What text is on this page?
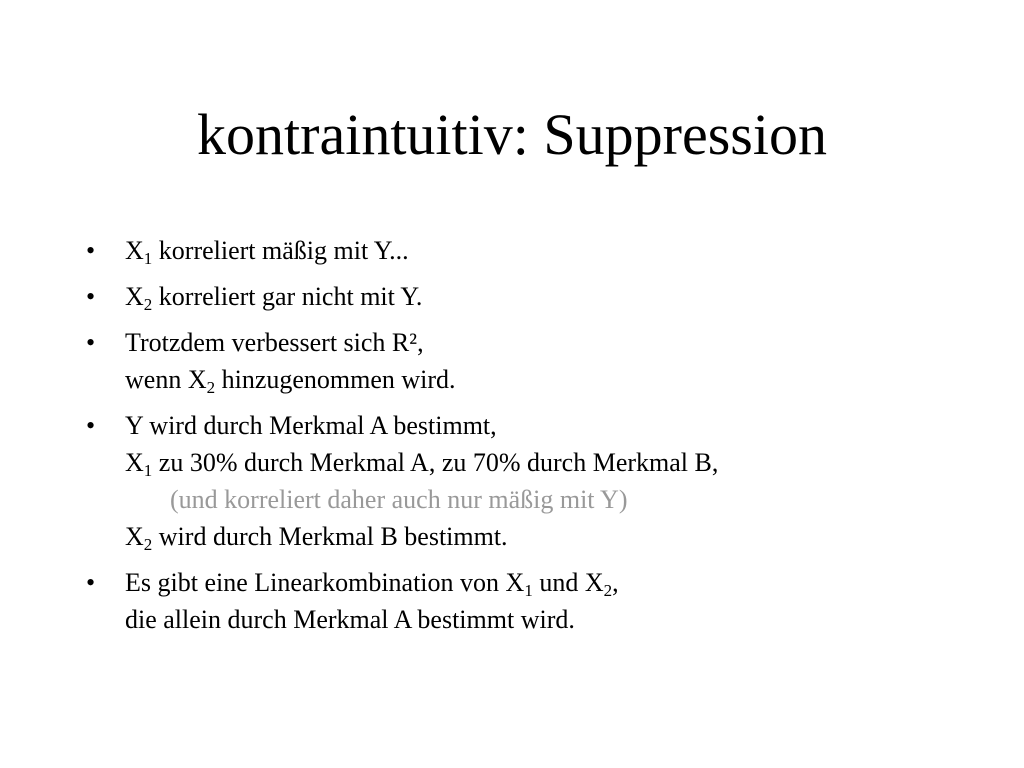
kontraintuitiv: Suppression
• $X_1$ korreliert mäßig mit Y...
• $X_2$ korreliert gar nicht mit Y.
• Trotzdem verbessert sich R²,
wenn $X_2$ hinzugenommen wird.
• Y wird durch Merkmal A bestimmt,
$X_1$ zu 30% durch Merkmal A, zu 70% durch Merkmal B,
(und korreliert daher auch nur mäßig mit Y)
$X_2$ wird durch Merkmal B bestimmt.
• Es gibt eine Linearkombination von $X_1$ und $X_2$,
die allein durch Merkmal A bestimmt wird.
